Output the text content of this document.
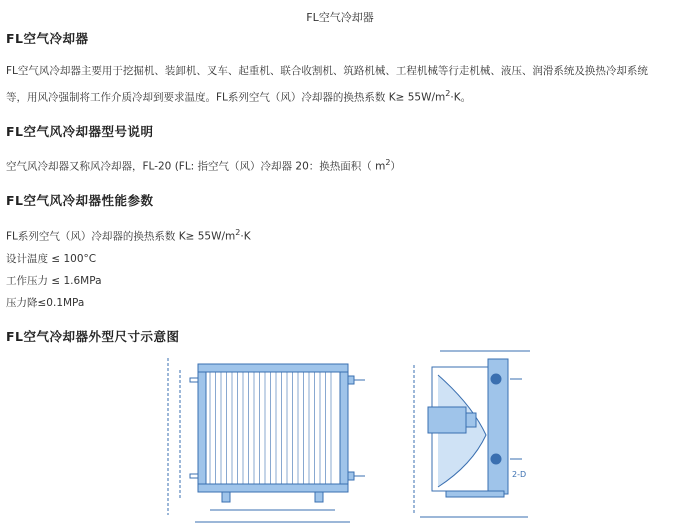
FL空气冷却器
FL空气冷却器
FL空气风冷却器主要用于挖掘机、装卸机、叉车、起重机、联合收割机、筑路机械、工程机械等行走机械、液压、润滑系统及换热冷却系统
等，用风冷强制将工作介质冷却到要求温度。FL系列空气（风）冷却器的换热系数 $K\ge 55W/m^2\cdot K$。
FL空气风冷却器型号说明
空气风冷却器又称风冷却器，FL-20 (FL: 指空气（风）冷却器 20：换热面积（ $m^2$）
FL空气风冷却器性能参数
FL系列空气（风）冷却器的换热系数 $K\ge 55W/m^2\cdot K$
设计温度 ≤ 100°C
工作压力 ≤ 1.6MPa
压力降≤0.1MPa
FL空气冷却器外型尺寸示意图
2-D
